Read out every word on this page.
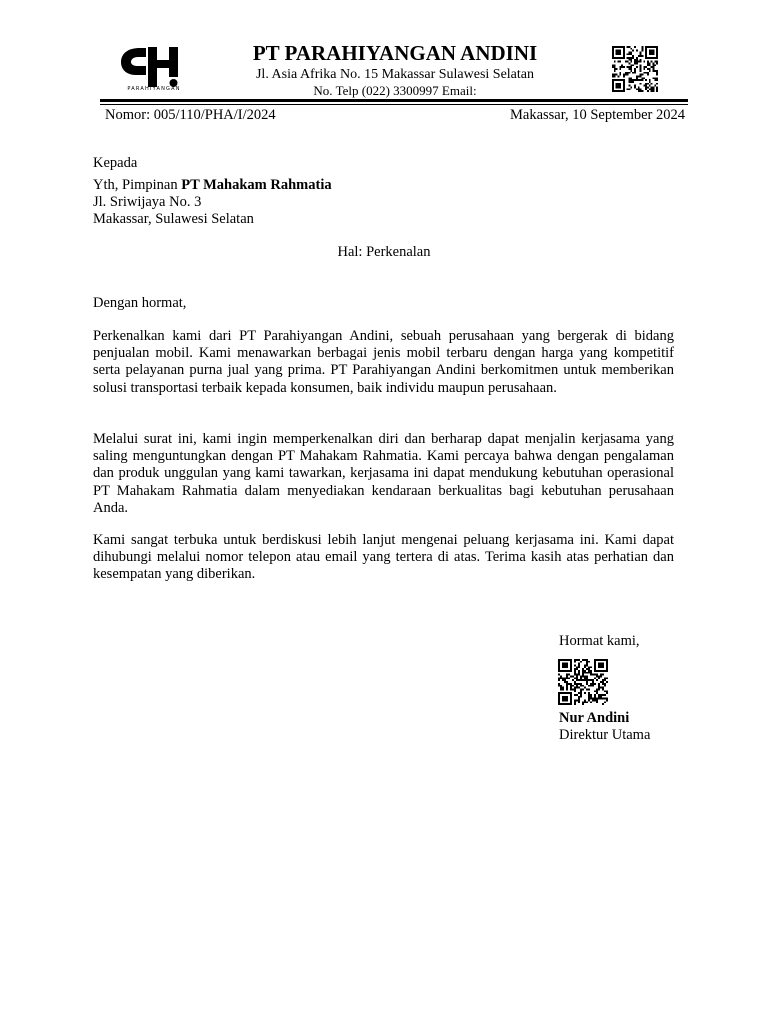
PARAHIYANGAN
PT PARAHIYANGAN ANDINI
Jl. Asia Afrika No. 15 Makassar Sulawesi Selatan
No. Telp (022) 3300997 Email:
Nomor: 005/110/PHA/I/2024	Makassar, 10 September 2024
Kepada
Yth, Pimpinan PT Mahakam Rahmatia
Jl. Sriwijaya No. 3
Makassar, Sulawesi Selatan
Hal: Perkenalan
Dengan hormat,

Perkenalkan kami dari PT Parahiyangan Andini, sebuah perusahaan yang bergerak di bidang penjualan mobil. Kami menawarkan berbagai jenis mobil terbaru dengan harga yang kompetitif serta pelayanan purna jual yang prima. PT Parahiyangan Andini berkomitmen untuk memberikan solusi transportasi terbaik kepada konsumen, baik individu maupun perusahaan.

Melalui surat ini, kami ingin memperkenalkan diri dan berharap dapat menjalin kerjasama yang saling menguntungkan dengan PT Mahakam Rahmatia. Kami percaya bahwa dengan pengalaman dan produk unggulan yang kami tawarkan, kerjasama ini dapat mendukung kebutuhan operasional PT Mahakam Rahmatia dalam menyediakan kendaraan berkualitas bagi kebutuhan perusahaan Anda.

Kami sangat terbuka untuk berdiskusi lebih lanjut mengenai peluang kerjasama ini. Kami dapat dihubungi melalui nomor telepon atau email yang tertera di atas. Terima kasih atas perhatian dan kesempatan yang diberikan.

Hormat kami,
Nur Andini
Direktur Utama
